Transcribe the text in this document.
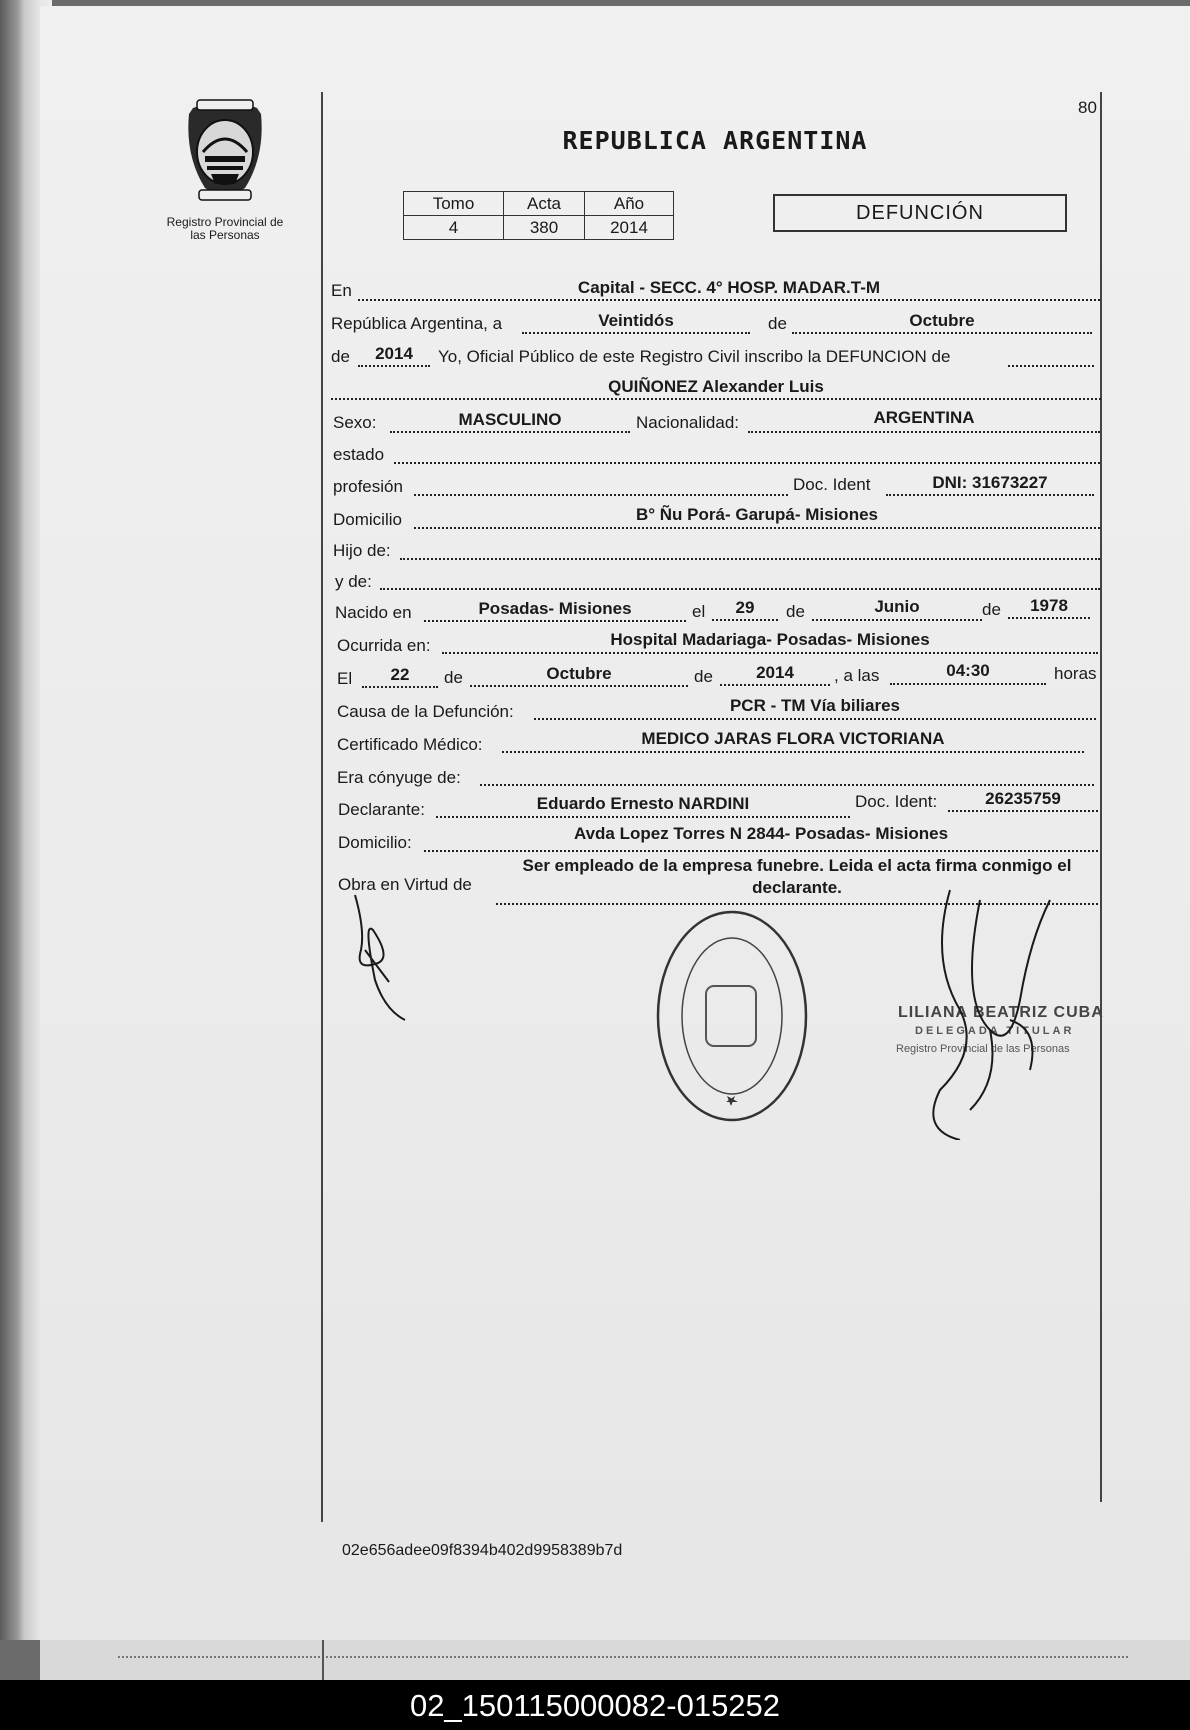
80
Registro Provincial de
las Personas
REPUBLICA ARGENTINA
Tomo	Acta	Año
4	380	2014
DEFUNCIÓN
En	Capital - SECC. 4° HOSP. MADAR.T-M
República Argentina, a	Veintidós	de	Octubre
de	2014	Yo, Oficial Público de este Registro Civil inscribo la DEFUNCION de
QUIÑONEZ Alexander Luis
Sexo:	MASCULINO	Nacionalidad:	ARGENTINA
estado
profesión	Doc. Ident	DNI: 31673227
Domicilio	B° Ñu Porá- Garupá- Misiones
Hijo de:
y de:
Nacido en	Posadas- Misiones	el	29	de	Junio	de	1978
Ocurrida en:	Hospital Madariaga- Posadas- Misiones
El	22	de	Octubre	de	2014	, a las	04:30	horas
Causa de la Defunción:	PCR - TM Vía biliares
Certificado Médico:	MEDICO JARAS FLORA VICTORIANA
Era cónyuge de:
Declarante:	Eduardo Ernesto NARDINI	Doc. Ident:	26235759
Domicilio:	Avda Lopez Torres N 2844- Posadas- Misiones
Obra en Virtud de
Ser empleado de la empresa funebre. Leida el acta firma conmigo el
declarante.
LILIANA BEATRIZ CUBA
DELEGADA TITULAR
Registro Provincial de las Personas
02e656adee09f8394b402d9958389b7d
02_150115000082-015252
